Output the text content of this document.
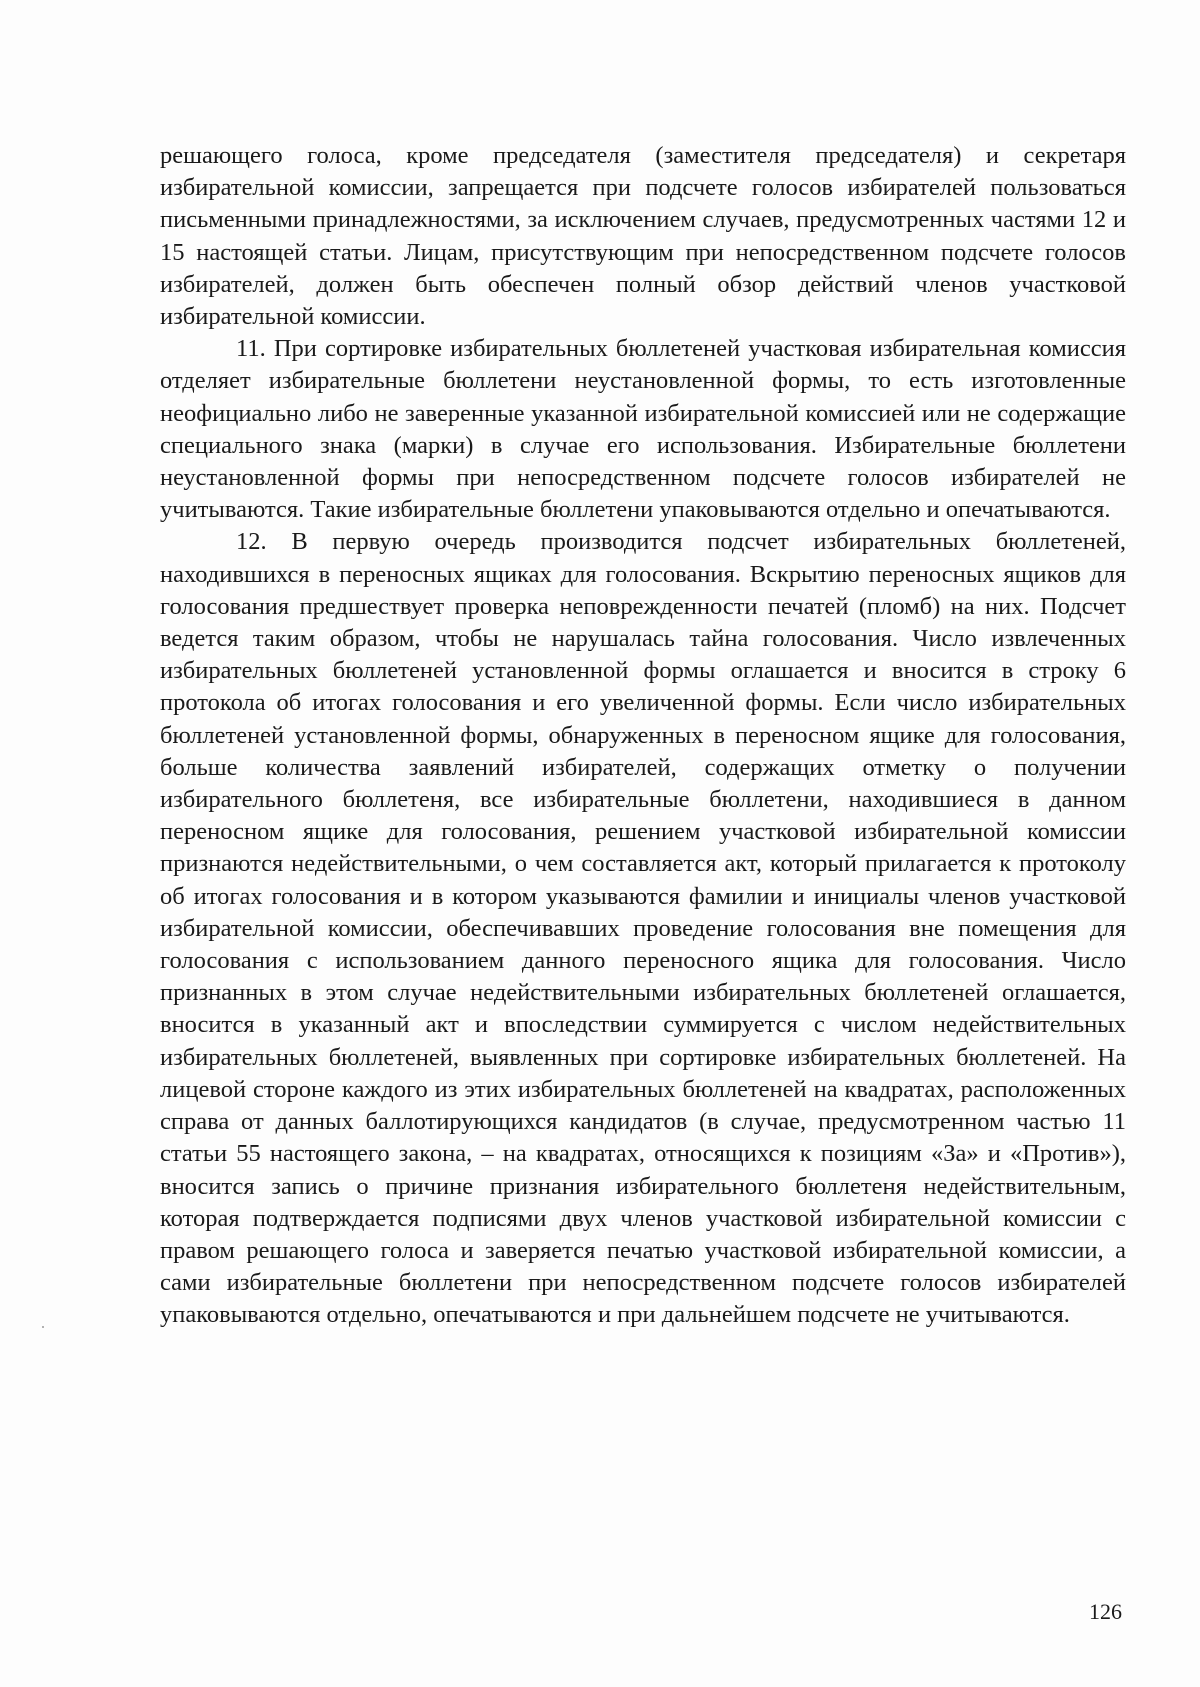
решающего голоса, кроме председателя (заместителя председателя) и секретаря избирательной комиссии, запрещается при подсчете голосов избирателей пользоваться письменными принадлежностями, за исключением случаев, предусмотренных частями 12 и 15 настоящей статьи. Лицам, присутствующим при непосредственном подсчете голосов избирателей, должен быть обеспечен полный обзор действий членов участковой избирательной комиссии.

11. При сортировке избирательных бюллетеней участковая избирательная комиссия отделяет избирательные бюллетени неустановленной формы, то есть изготовленные неофициально либо не заверенные указанной избирательной комиссией или не содержащие специального знака (марки) в случае его использования. Избирательные бюллетени неустановленной формы при непосредственном подсчете голосов избирателей не учитываются. Такие избирательные бюллетени упаковываются отдельно и опечатываются.

12. В первую очередь производится подсчет избирательных бюллетеней, находившихся в переносных ящиках для голосования. Вскрытию переносных ящиков для голосования предшествует проверка неповрежденности печатей (пломб) на них. Подсчет ведется таким образом, чтобы не нарушалась тайна голосования. Число извлеченных избирательных бюллетеней установленной формы оглашается и вносится в строку 6 протокола об итогах голосования и его увеличенной формы. Если число избирательных бюллетеней установленной формы, обнаруженных в переносном ящике для голосования, больше количества заявлений избирателей, содержащих отметку о получении избирательного бюллетеня, все избирательные бюллетени, находившиеся в данном переносном ящике для голосования, решением участковой избирательной комиссии признаются недействительными, о чем составляется акт, который прилагается к протоколу об итогах голосования и в котором указываются фамилии и инициалы членов участковой избирательной комиссии, обеспечивавших проведение голосования вне помещения для голосования с использованием данного переносного ящика для голосования. Число признанных в этом случае недействительными избирательных бюллетеней оглашается, вносится в указанный акт и впоследствии суммируется с числом недействительных избирательных бюллетеней, выявленных при сортировке избирательных бюллетеней. На лицевой стороне каждого из этих избирательных бюллетеней на квадратах, расположенных справа от данных баллотирующихся кандидатов (в случае, предусмотренном частью 11 статьи 55 настоящего закона, – на квадратах, относящихся к позициям «За» и «Против»), вносится запись о причине признания избирательного бюллетеня недействительным, которая подтверждается подписями двух членов участковой избирательной комиссии с правом решающего голоса и заверяется печатью участковой избирательной комиссии, а сами избирательные бюллетени при непосредственном подсчете голосов избирателей упаковываются отдельно, опечатываются и при дальнейшем подсчете не учитываются.

126
